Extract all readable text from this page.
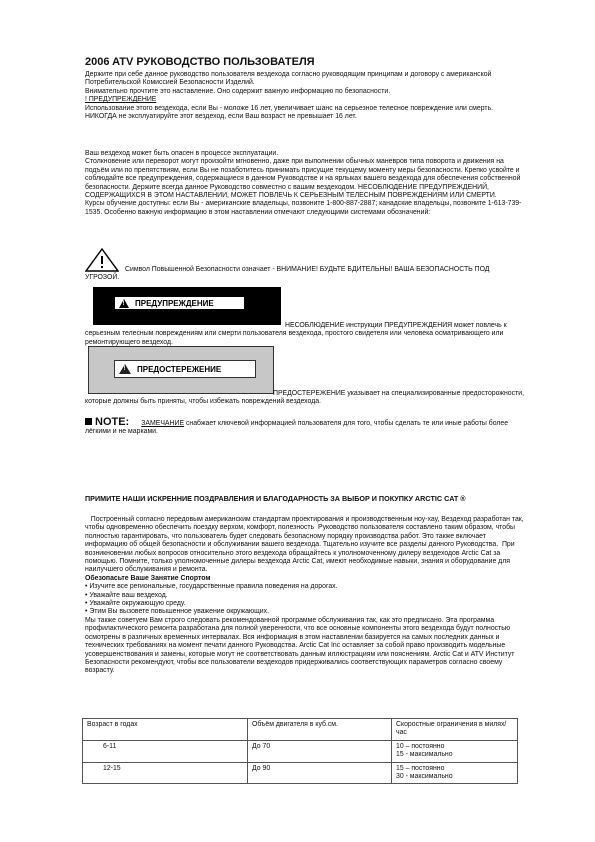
2006 ATV РУКОВОДСТВО ПОЛЬЗОВАТЕЛЯ

Держите при себе данное руководство пользователя вездехода согласно руководящим принципам и договору с американской Потребительской Комиссией Безопасности Изделий.

Внимательно прочтите это наставление. Оно содержит важную информацию по безопасности.

! ПРЕДУПРЕЖДЕНИЕ

Использование этого вездехода, если Вы - моложе 16 лет, увеличивает шанс на серьезное телесное повреждение или смерть. НИКОГДА не эксплуатируйте этот вездеход, если Ваш возраст не превышает 16 лет.

Ваш вездеход может быть опасен в процессе эксплуатации.

Столкновение или переворот могут произойти мгновенно, даже при выполнении обычных маневров типа поворота и движения на подъём или по препятствиям, если Вы не позаботитесь принимать присущие текущему моменту меры безопасности. Крепко усвойте и соблюдайте все предупреждения, содержащиеся в данном Руководстве и на ярлыках вашего вездехода для обеспечения собственной безопасности. Держите всегда данное Руководство совместно с вашим вездеходом. НЕСОБЛЮДЕНИЕ ПРЕДУПРЕЖДЕНИЙ, СОДЕРЖАЩИХСЯ В ЭТОМ НАСТАВЛЕНИИ, МОЖЕТ ПОВЛЕЧЬ К СЕРЬЕЗНЫМ ТЕЛЕСНЫМ ПОВРЕЖДЕНИЯМ ИЛИ СМЕРТИ.

Курсы обучение доступны: если Вы - американские владельцы, позвоните 1-800-887-2887; канадские владельцы, позвоните 1-613-739-1535. Особенно важную информацию в этом наставлении отмечают следующими системами обозначений:

Символ Повышенной Безопасности означает - ВНИМАНИЕ! БУДЬТЕ БДИТЕЛЬНЫ! ВАША БЕЗОПАСНОСТЬ ПОД УГРОЗОЙ.
!
ПРЕДУПРЕЖДЕНИЕ
НЕСОБЛЮДЕНИЕ инструкции ПРЕДУПРЕЖДЕНИЯ может повлечь к серьезным телесным повреждениям или смерти пользователя вездехода, простого свидетеля или человека осматривающего или ремонтирующего вездеход.
!
ПРЕДОСТЕРЕЖЕНИЕ
ПРЕДОСТЕРЕЖЕНИЕ указывает на специализированные предосторожности, которые должны быть приняты, чтобы избежать повреждений вездехода.
NOTE: ЗАМЕЧАНИЕ снабжает ключевой информацией пользователя для того, чтобы сделать те или иные работы более лёгкими и не марками.
ПРИМИТЕ НАШИ ИСКРЕННИЕ ПОЗДРАВЛЕНИЯ И БЛАГОДАРНОСТЬ ЗА ВЫБОР И ПОКУПКУ ARCTIC CAT ®

Построенный согласно передовым американским стандартам проектирования и производственным ноу-хау, Вездеход разработан так, чтобы одновременно обеспечить поездку верхом, комфорт, полезность  Руководство пользователя составлено таким образом, чтобы полностью гарантировать, что пользователь будет следовать безопасному порядку производства работ. Это также включает информацию об общей безопасности и обслуживании вашего вездехода. Тщательно изучите все разделы данного Руководства.  При возникновении любых вопросов относительно этого вездехода обращайтесь к уполномоченному дилеру вездеходов Arctic Cat за помощью. Помните, только уполномоченные дилеры вездехода Arctic Cat, имеют необходимые навыки, знания и оборудование для наилучшего обслуживания и ремонта.

Обезопасьте Ваше Занятие Спортом

• Изучите все региональные, государственные правила поведения на дорогах.

• Уважайте ваш вездеход.

• Уважайте окружающую среду.

• Этим Вы вызовете повышенное уважение окружающих.

Мы также советуем Вам строго следовать рекомендованной программе обслуживания так, как это предписано. Эта программа профилактического ремонта разработана для полной уверенности, что все основные компоненты этого вездехода будут полностью осмотрены в различных временных интервалах. Вся информация в этом наставлении базируется на самых последних данных и технических требованиях на момент печати данного Руководства. Arctic Cat Inc оставляет за собой право производить модельные усовершенствования и замены, которые могут не соответствовать данным иллюстрациям или пояснениям. Arctic Cat и ATV Институт Безопасности рекомендуют, чтобы все пользователи вездеходов придерживались соответствующих параметров согласно своему возрасту.

Возраст в годах	Объём двигателя в куб.см.	Скоростные ограничения в миляx/час
6-11	До 70	10 – постоянно
15 - максимально

12-15	До 90	15 – постоянно
30 - максимально
